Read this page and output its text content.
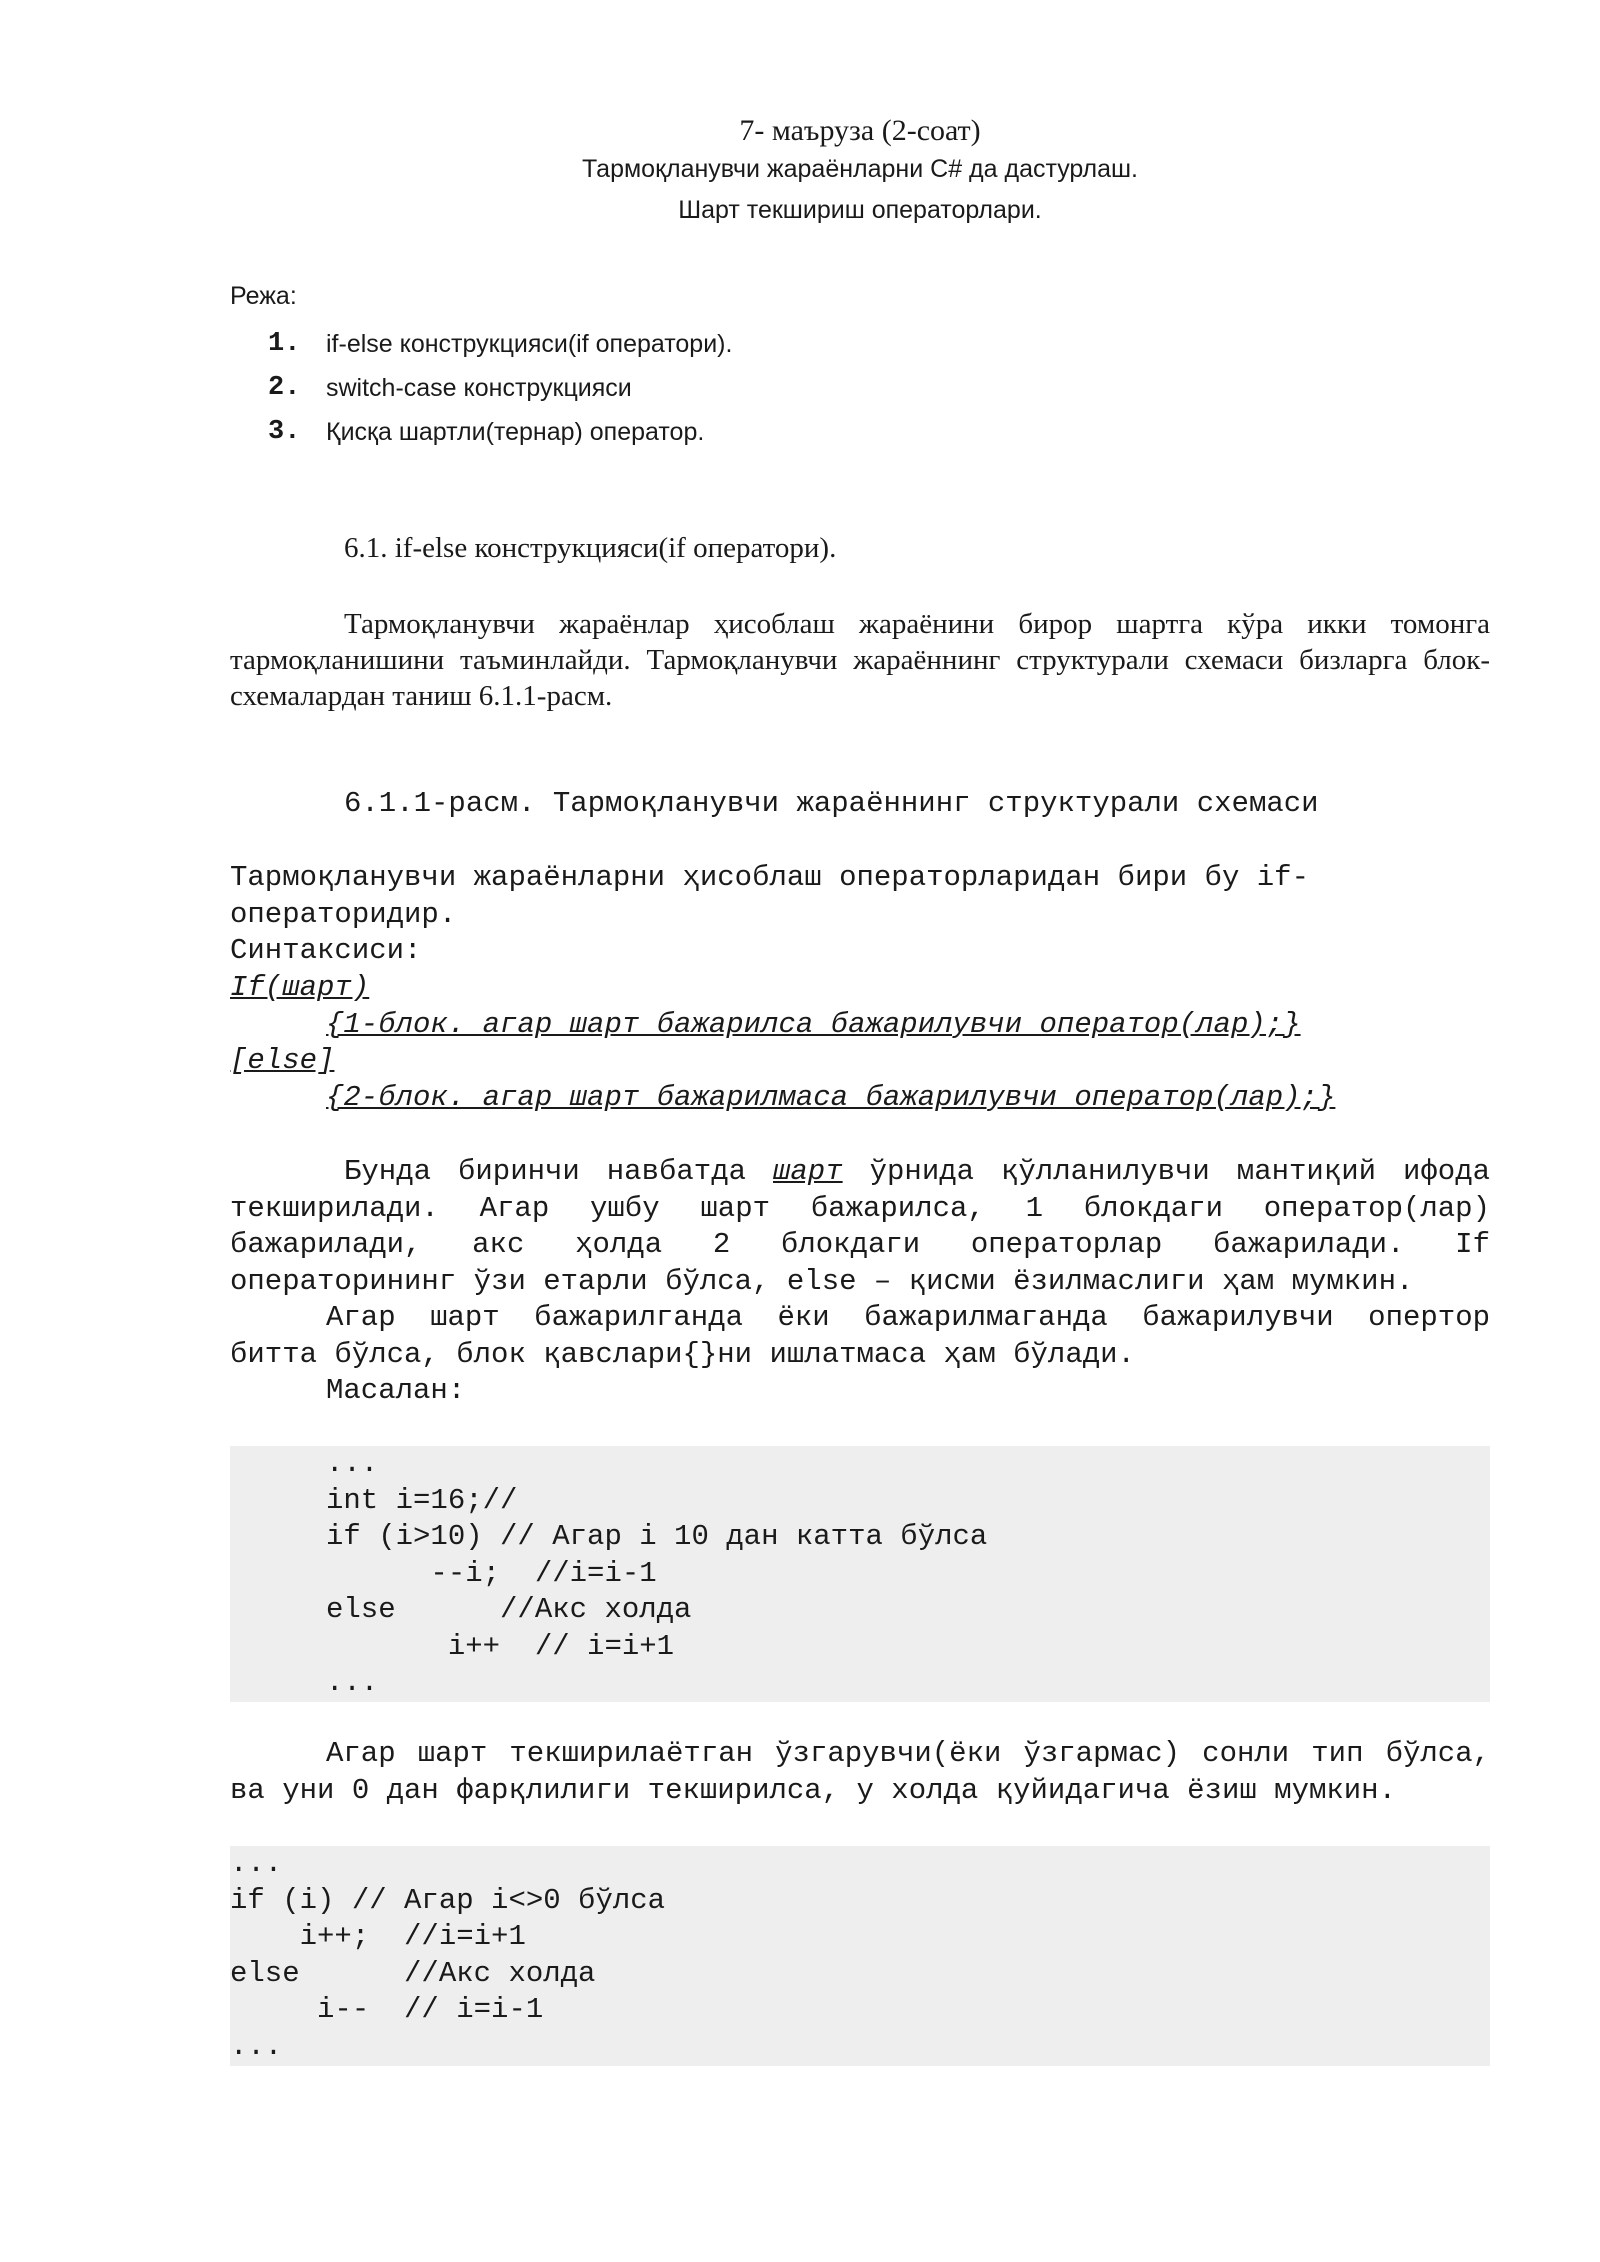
7- маъруза (2-соат)
Тармоқланувчи жараёнларни C# да дастурлаш.
Шарт текшириш операторлари.
Режа:
1.	if-else конструкцияси(if оператори).
2.	switch-case конструкцияси
3.	Қисқа шартли(тернар) оператор.
6.1. if-else конструкцияси(if оператори).
Тармоқланувчи жараёнлар ҳисоблаш жараёнини бирор шартга кўра икки томонга тармоқланишини таъминлайди. Тармоқланувчи жараённинг структурали схемаси бизларга блок-схемалардан таниш 6.1.1-расм.
6.1.1-расм. Тармоқланувчи жараённинг структурали схемаси
Тармоқланувчи жараёнларни ҳисоблаш операторларидан бири бу if-
операторидир.
Синтаксиси:
If(шарт)
{1-блок. агар шарт бажарилса бажарилувчи оператор(лар);}
[else]
{2-блок. агар шарт бажарилмаса бажарилувчи оператор(лар);}

Бунда биринчи навбатда шарт ўрнида қўлланилувчи мантиқий ифода текширилади. Агар ушбу шарт бажарилса, 1 блокдаги оператор(лар) бажарилади, акс ҳолда 2 блокдаги операторлар бажарилади. If операторининг ўзи етарли бўлса, else – қисми ёзилмаслиги ҳам мумкин.

Агар шарт бажарилганда ёки бажарилмаганда бажарилувчи опертор битта бўлса, блок қавслари{}ни ишлатмаса ҳам бўлади.

Масалан:

...
int i=16;//
if (i>10) // Агар i 10 дан катта бўлса
--i;  //i=i-1
else      //Акс холда
i++  // i=i+1
...

Агар шарт текширилаётган ўзгарувчи(ёки ўзгармас) сонли тип бўлса, ва уни 0 дан фарқлилиги текширилса, у холда қуйидагича ёзиш мумкин.

...
if (i) // Агар i<>0 бўлса
i++;  //i=i+1
else      //Акс холда
i--  // i=i-1
...
